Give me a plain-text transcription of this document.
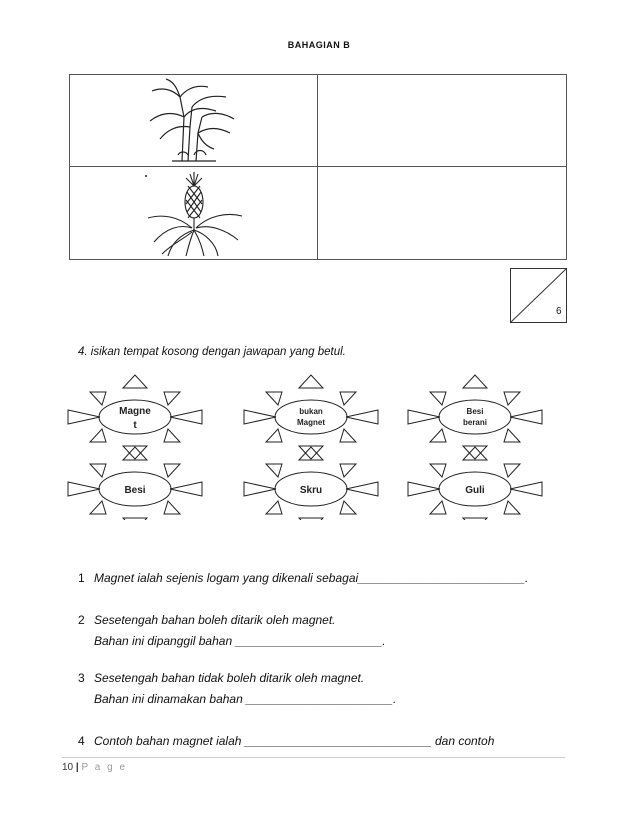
BAHAGIAN B
6
4. isikan tempat kosong dengan jawapan yang betul.
Magne
t
bukan
Magnet
Besi
berani
Besi	Skru	Guli
1 Magnet ialah sejenis logam yang dikenali sebagai_________________________.
2 Sesetengah bahan boleh ditarik oleh magnet.
Bahan ini dipanggil bahan ______________________.
3 Sesetengah bahan tidak boleh ditarik oleh magnet.
Bahan ini dinamakan bahan ______________________.
4 Contoh bahan magnet ialah ____________________________ dan contoh
10 | P a g e
